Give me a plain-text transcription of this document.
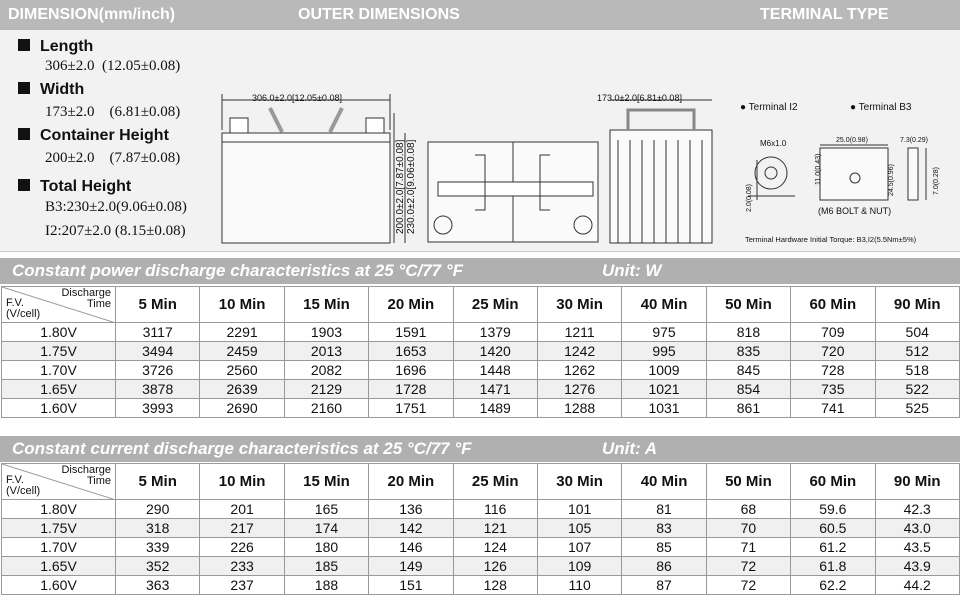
DIMENSION(mm/inch)	OUTER DIMENSIONS	TERMINAL TYPE
Length
306±2.0 (12.05±0.08)
Width
173±2.0 (6.81±0.08)
Container Height
200±2.0 (7.87±0.08)
Total Height
B3:230±2.0(9.06±0.08)
I2:207±2.0 (8.15±0.08)
306.0±2.0[12.05±0.08]	173.0±2.0[6.81±0.08]
200.0±2.0[7.87±0.08] 230.0±2.0[9.06±0.08]
● Terminal I2	● Terminal B3
M6x1.0
2.0(0.08)
11.0(0.43)
25.0(0.98)	7.3(0.29)
24.5(0.96)	7.0(0.28)
(M6 BOLT & NUT)
Terminal Hardware Initial Torque: B3,I2(5.5Nm±5%)
Constant power discharge characteristics at 25 °C/77 °F	Unit: W
Discharge
Time
F.V.
(V/cell)	5 Min	10 Min	15 Min	20 Min	25 Min	30 Min	40 Min	50 Min	60 Min	90 Min
1.80V	3117	2291	1903	1591	1379	1211	975	818	709	504
1.75V	3494	2459	2013	1653	1420	1242	995	835	720	512
1.70V	3726	2560	2082	1696	1448	1262	1009	845	728	518
1.65V	3878	2639	2129	1728	1471	1276	1021	854	735	522
1.60V	3993	2690	2160	1751	1489	1288	1031	861	741	525
Constant current discharge characteristics at 25 °C/77 °F	Unit: A
Discharge
Time
F.V.
(V/cell)	5 Min	10 Min	15 Min	20 Min	25 Min	30 Min	40 Min	50 Min	60 Min	90 Min
1.80V	290	201	165	136	116	101	81	68	59.6	42.3
1.75V	318	217	174	142	121	105	83	70	60.5	43.0
1.70V	339	226	180	146	124	107	85	71	61.2	43.5
1.65V	352	233	185	149	126	109	86	72	61.8	43.9
1.60V	363	237	188	151	128	110	87	72	62.2	44.2
